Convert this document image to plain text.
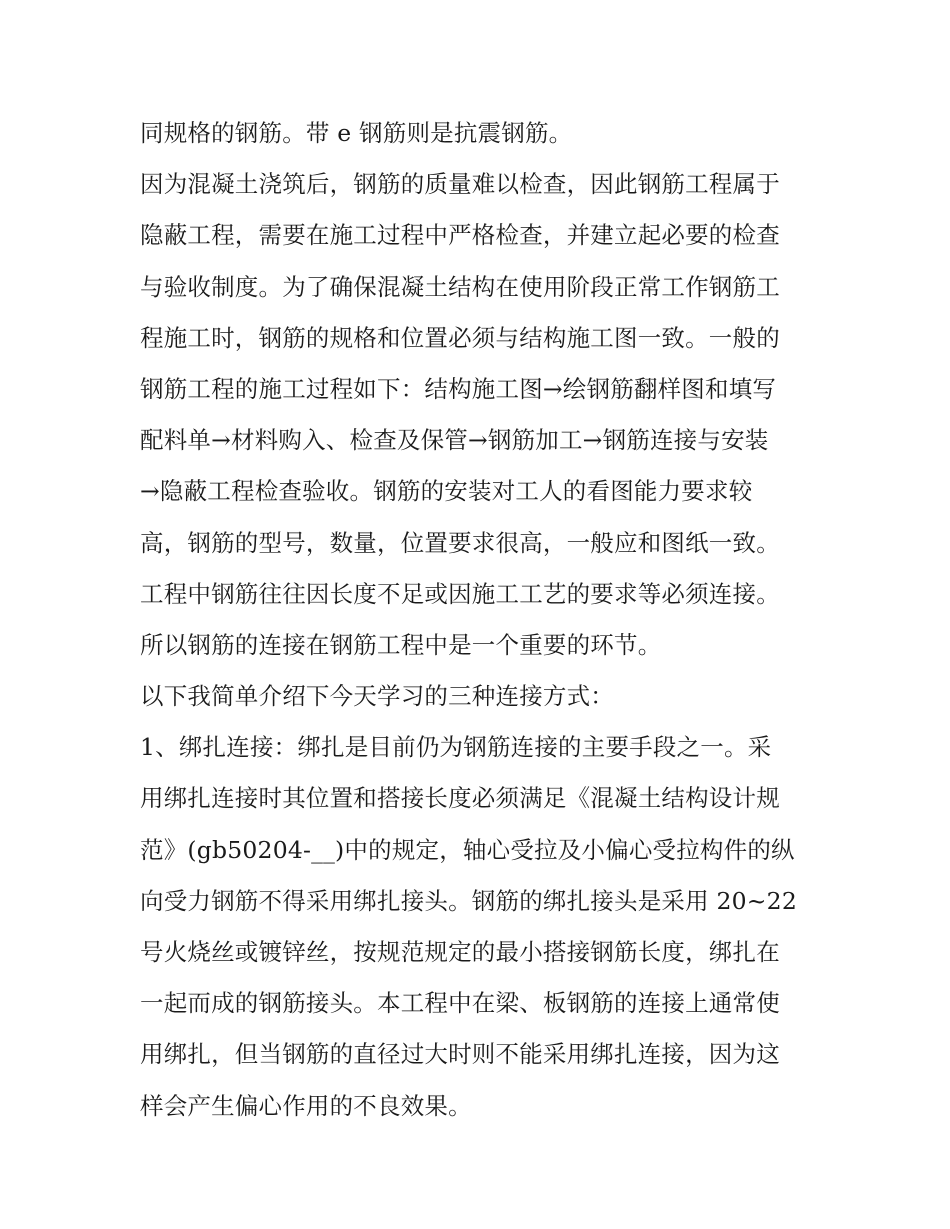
同规格的钢筋。带 e 钢筋则是抗震钢筋。
因为混凝土浇筑后，钢筋的质量难以检查，因此钢筋工程属于
隐蔽工程，需要在施工过程中严格检查，并建立起必要的检查
与验收制度。为了确保混凝土结构在使用阶段正常工作钢筋工
程施工时，钢筋的规格和位置必须与结构施工图一致。一般的
钢筋工程的施工过程如下：结构施工图→绘钢筋翻样图和填写
配料单→材料购入、检查及保管→钢筋加工→钢筋连接与安装
→隐蔽工程检查验收。钢筋的安装对工人的看图能力要求较
高，钢筋的型号，数量，位置要求很高，一般应和图纸一致。
工程中钢筋往往因长度不足或因施工工艺的要求等必须连接。
所以钢筋的连接在钢筋工程中是一个重要的环节。
以下我简单介绍下今天学习的三种连接方式：
1、绑扎连接：绑扎是目前仍为钢筋连接的主要手段之一。采
用绑扎连接时其位置和搭接长度必须满足《混凝土结构设计规
范》(gb50204-__)中的规定，轴心受拉及小偏心受拉构件的纵
向受力钢筋不得采用绑扎接头。钢筋的绑扎接头是采用 20~22
号火烧丝或镀锌丝，按规范规定的最小搭接钢筋长度，绑扎在
一起而成的钢筋接头。本工程中在梁、板钢筋的连接上通常使
用绑扎，但当钢筋的直径过大时则不能采用绑扎连接，因为这
样会产生偏心作用的不良效果。
